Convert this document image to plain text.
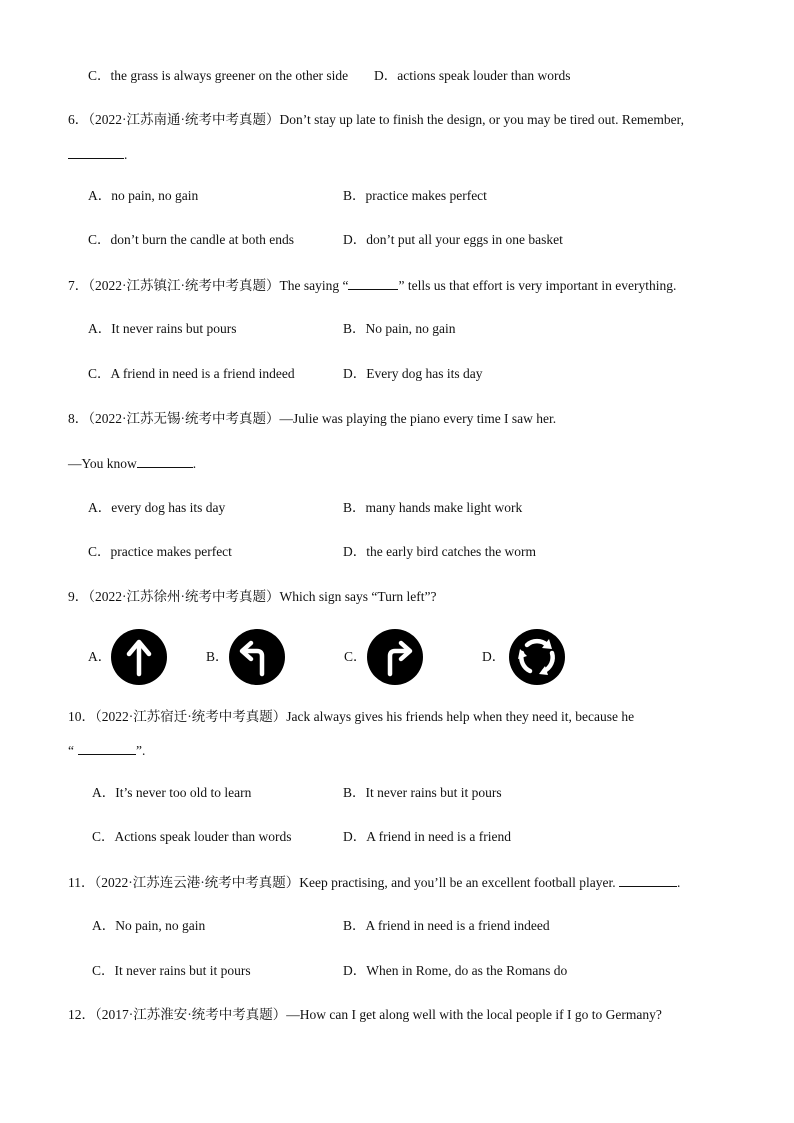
C．the grass is always greener on the other side D．actions speak louder than words
6．（2022·江苏南通·统考中考真题）Don’t stay up late to finish the design, or you may be tired out. Remember,
.
A．no pain, no gain	B．practice makes perfect
C．don’t burn the candle at both ends	D．don’t put all your eggs in one basket
7．（2022·江苏镇江·统考中考真题）The saying “	” tells us that effort is very important in everything.
A．It never rains but pours	B．No pain, no gain
C．A friend in need is a friend indeed	D．Every dog has its day
8．（2022·江苏无锡·统考中考真题）—Julie was playing the piano every time I saw her.
—You know	.
A．every dog has its day	B．many hands make light work
C．practice makes perfect	D．the early bird catches the worm
9．（2022·江苏徐州·统考中考真题）Which sign says “Turn left”?
A．	B．	C．	D．
10．（2022·江苏宿迁·统考中考真题）Jack always gives his friends help when they need it, because he
“	”.
A．It’s never too old to learn	B．It never rains but it pours
C．Actions speak louder than words	D．A friend in need is a friend
11．（2022·江苏连云港·统考中考真题）Keep practising, and you’ll be an excellent football player.	.
A．No pain, no gain	B．A friend in need is a friend indeed
C．It never rains but it pours	D．When in Rome, do as the Romans do
12．（2017·江苏淮安·统考中考真题）—How can I get along well with the local people if I go to Germany?
